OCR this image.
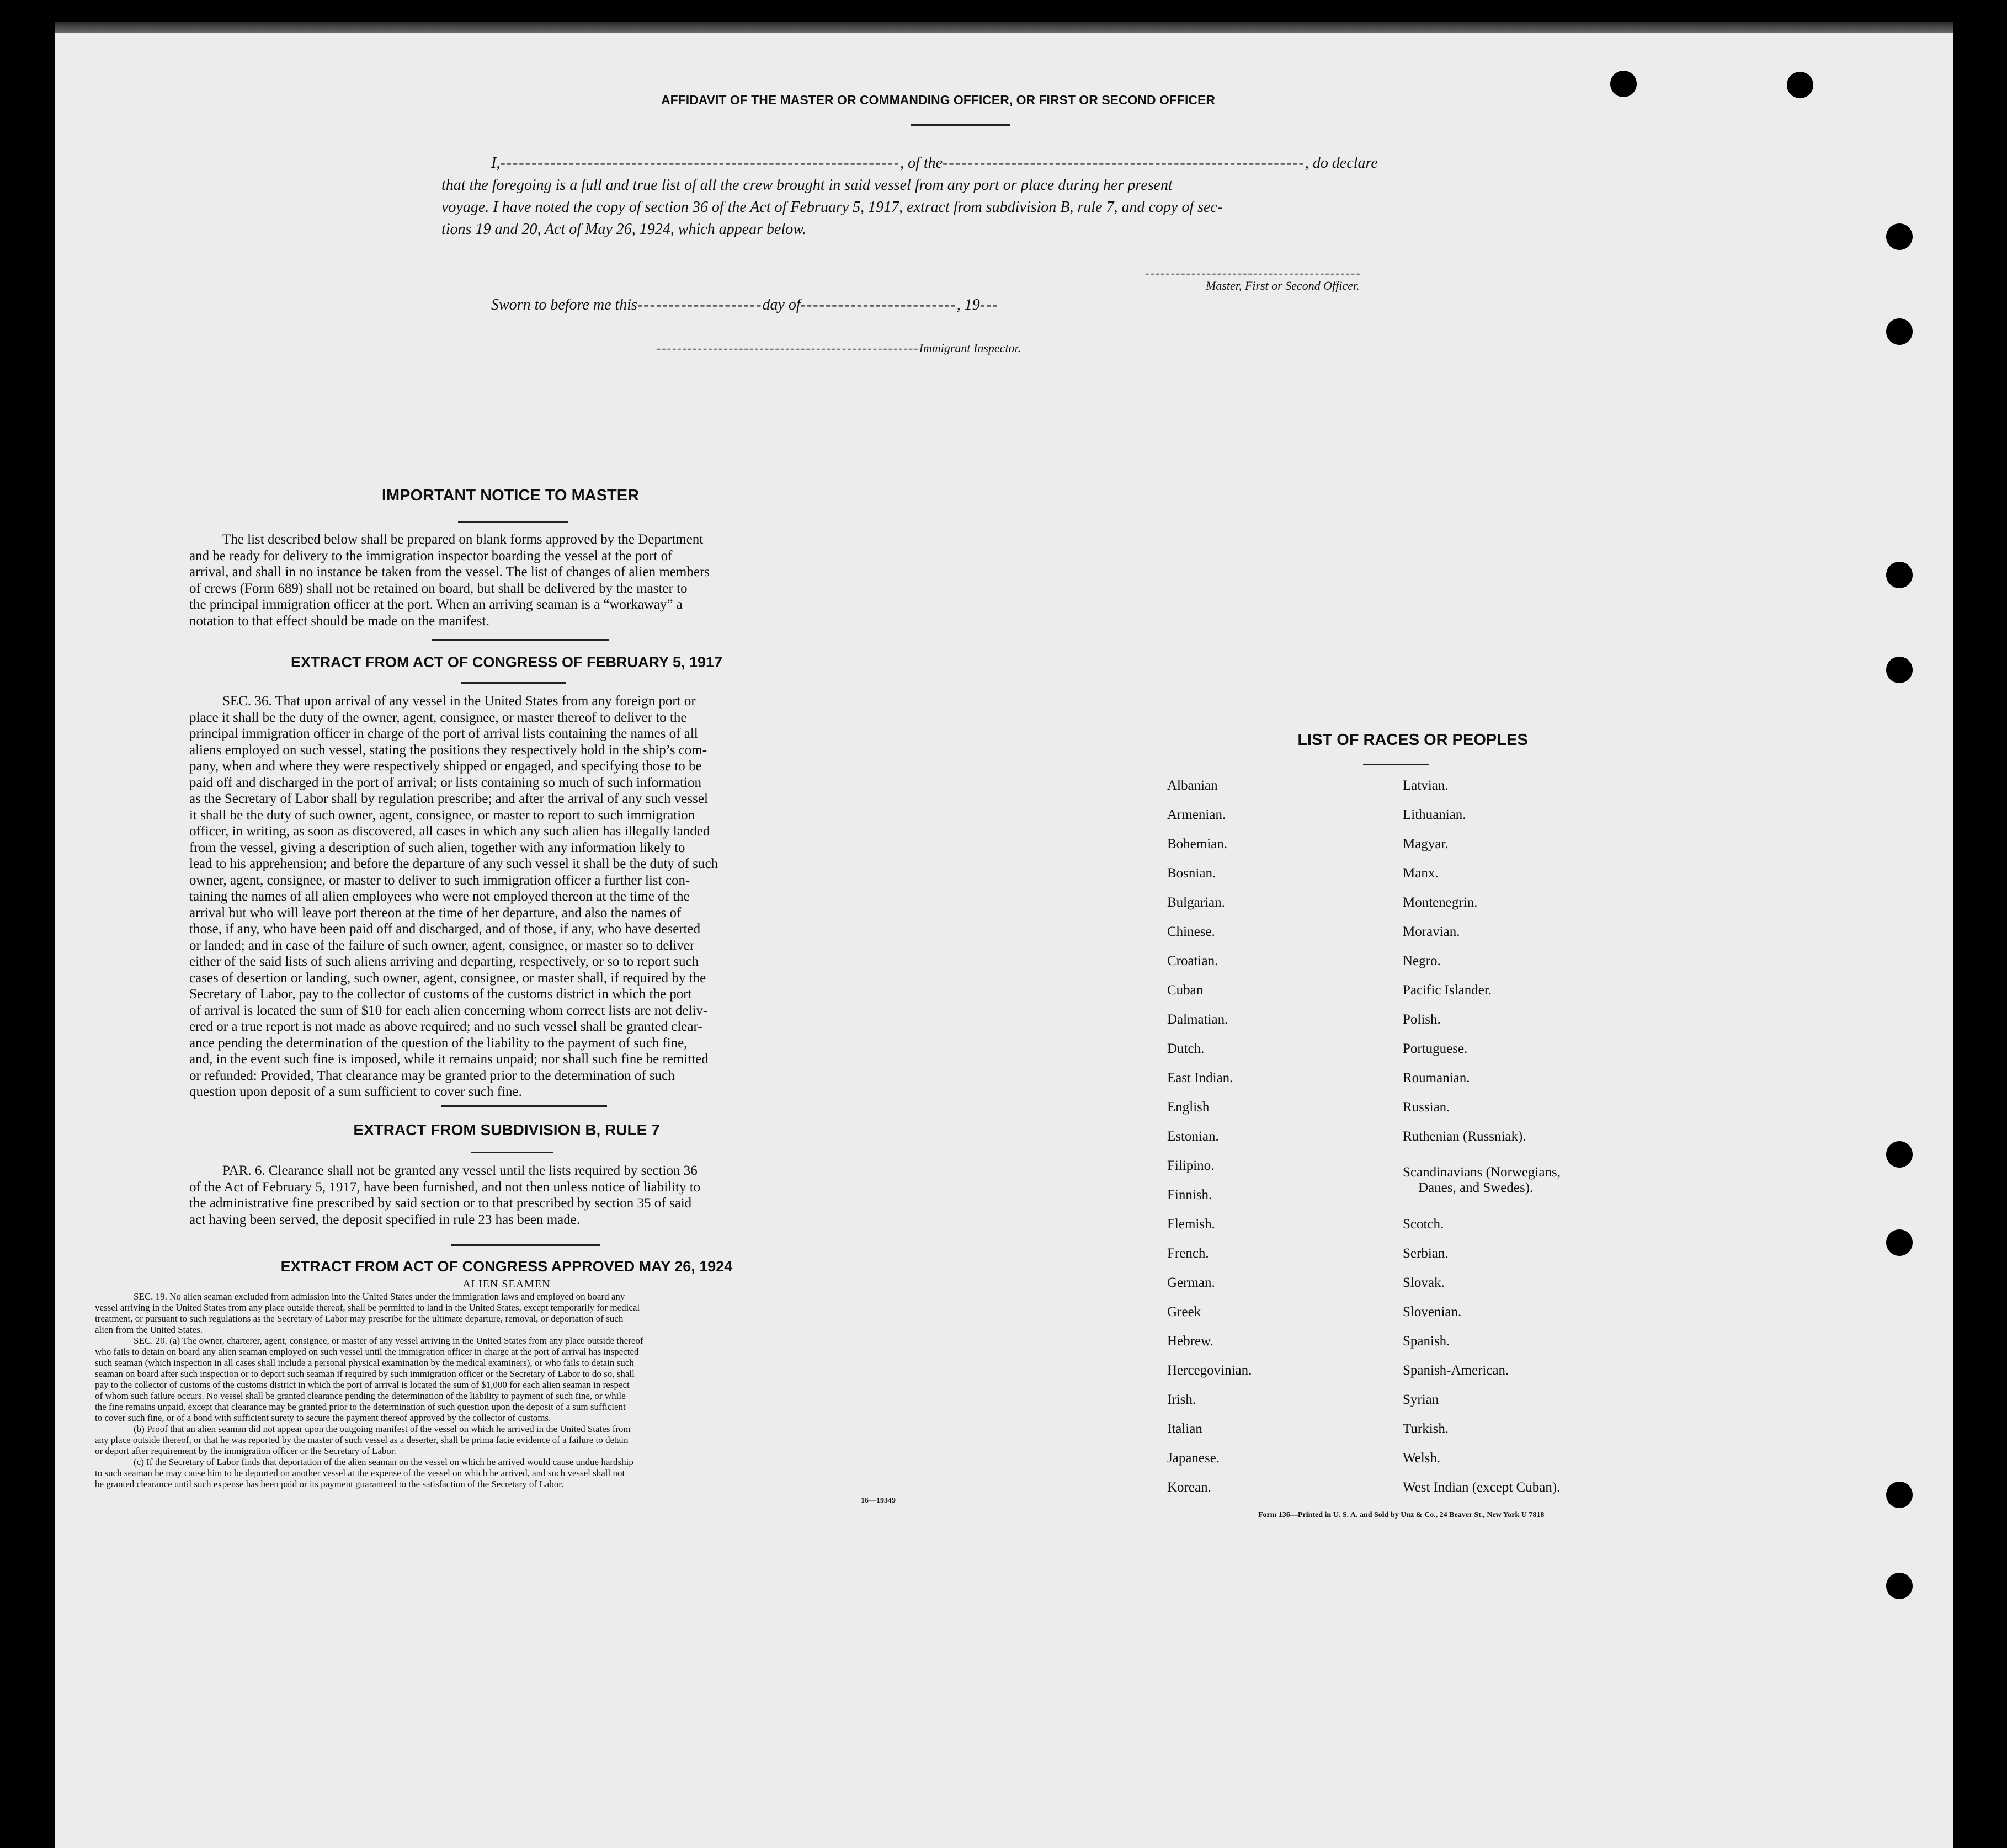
AFFIDAVIT OF THE MASTER OR COMMANDING OFFICER, OR FIRST OR SECOND OFFICER
I,----------------------------------------------------------------, of the----------------------------------------------------------, do declare
that the foregoing is a full and true list of all the crew brought in said vessel from any port or place during her present
voyage. I have noted the copy of section 36 of the Act of February 5, 1917, extract from subdivision B, rule 7, and copy of sec-
tions 19 and 20, Act of May 26, 1924, which appear below.
------------------------------------------
Master, First or Second Officer.
Sworn to before me this--------------------day of-------------------------, 19---
---------------------------------------------------Immigrant Inspector.
IMPORTANT NOTICE TO MASTER
The list described below shall be prepared on blank forms approved by the Department
and be ready for delivery to the immigration inspector boarding the vessel at the port of
arrival, and shall in no instance be taken from the vessel. The list of changes of alien members
of crews (Form 689) shall not be retained on board, but shall be delivered by the master to
the principal immigration officer at the port. When an arriving seaman is a “workaway” a
notation to that effect should be made on the manifest.
EXTRACT FROM ACT OF CONGRESS OF FEBRUARY 5, 1917
SEC. 36. That upon arrival of any vessel in the United States from any foreign port or
place it shall be the duty of the owner, agent, consignee, or master thereof to deliver to the
principal immigration officer in charge of the port of arrival lists containing the names of all
aliens employed on such vessel, stating the positions they respectively hold in the ship’s com-
pany, when and where they were respectively shipped or engaged, and specifying those to be
paid off and discharged in the port of arrival; or lists containing so much of such information
as the Secretary of Labor shall by regulation prescribe; and after the arrival of any such vessel
it shall be the duty of such owner, agent, consignee, or master to report to such immigration
officer, in writing, as soon as discovered, all cases in which any such alien has illegally landed
from the vessel, giving a description of such alien, together with any information likely to
lead to his apprehension; and before the departure of any such vessel it shall be the duty of such
owner, agent, consignee, or master to deliver to such immigration officer a further list con-
taining the names of all alien employees who were not employed thereon at the time of the
arrival but who will leave port thereon at the time of her departure, and also the names of
those, if any, who have been paid off and discharged, and of those, if any, who have deserted
or landed; and in case of the failure of such owner, agent, consignee, or master so to deliver
either of the said lists of such aliens arriving and departing, respectively, or so to report such
cases of desertion or landing, such owner, agent, consignee, or master shall, if required by the
Secretary of Labor, pay to the collector of customs of the customs district in which the port
of arrival is located the sum of $10 for each alien concerning whom correct lists are not deliv-
ered or a true report is not made as above required; and no such vessel shall be granted clear-
ance pending the determination of the question of the liability to the payment of such fine,
and, in the event such fine is imposed, while it remains unpaid; nor shall such fine be remitted
or refunded: Provided, That clearance may be granted prior to the determination of such
question upon deposit of a sum sufficient to cover such fine.
EXTRACT FROM SUBDIVISION B, RULE 7
PAR. 6. Clearance shall not be granted any vessel until the lists required by section 36
of the Act of February 5, 1917, have been furnished, and not then unless notice of liability to
the administrative fine prescribed by said section or to that prescribed by section 35 of said
act having been served, the deposit specified in rule 23 has been made.
EXTRACT FROM ACT OF CONGRESS APPROVED MAY 26, 1924
ALIEN SEAMEN
SEC. 19. No alien seaman excluded from admission into the United States under the immigration laws and employed on board any
vessel arriving in the United States from any place outside thereof, shall be permitted to land in the United States, except temporarily for medical
treatment, or pursuant to such regulations as the Secretary of Labor may prescribe for the ultimate departure, removal, or deportation of such
alien from the United States.
SEC. 20. (a) The owner, charterer, agent, consignee, or master of any vessel arriving in the United States from any place outside thereof
who fails to detain on board any alien seaman employed on such vessel until the immigration officer in charge at the port of arrival has inspected
such seaman (which inspection in all cases shall include a personal physical examination by the medical examiners), or who fails to detain such
seaman on board after such inspection or to deport such seaman if required by such immigration officer or the Secretary of Labor to do so, shall
pay to the collector of customs of the customs district in which the port of arrival is located the sum of $1,000 for each alien seaman in respect
of whom such failure occurs. No vessel shall be granted clearance pending the determination of the liability to payment of such fine, or while
the fine remains unpaid, except that clearance may be granted prior to the determination of such question upon the deposit of a sum sufficient
to cover such fine, or of a bond with sufficient surety to secure the payment thereof approved by the collector of customs.
(b) Proof that an alien seaman did not appear upon the outgoing manifest of the vessel on which he arrived in the United States from
any place outside thereof, or that he was reported by the master of such vessel as a deserter, shall be prima facie evidence of a failure to detain
or deport after requirement by the immigration officer or the Secretary of Labor.
(c) If the Secretary of Labor finds that deportation of the alien seaman on the vessel on which he arrived would cause undue hardship
to such seaman he may cause him to be deported on another vessel at the expense of the vessel on which he arrived, and such vessel shall not
be granted clearance until such expense has been paid or its payment guaranteed to the satisfaction of the Secretary of Labor.
16—19349
LIST OF RACES OR PEOPLES
Albanian
Armenian.
Bohemian.
Bosnian.
Bulgarian.
Chinese.
Croatian.
Cuban
Dalmatian.
Dutch.
East Indian.
English
Estonian.
Filipino.
Finnish.
Flemish.
French.
German.
Greek
Hebrew.
Hercegovinian.
Irish.
Italian
Japanese.
Korean.
Latvian.
Lithuanian.
Magyar.
Manx.
Montenegrin.
Moravian.
Negro.
Pacific Islander.
Polish.
Portuguese.
Roumanian.
Russian.
Ruthenian (Russniak).
Scandinavians (Norwegians,
Danes, and Swedes).
Scotch.
Serbian.
Slovak.
Slovenian.
Spanish.
Spanish-American.
Syrian
Turkish.
Welsh.
West Indian (except Cuban).
Form 136—Printed in U. S. A. and Sold by Unz & Co., 24 Beaver St., New York U 7818
